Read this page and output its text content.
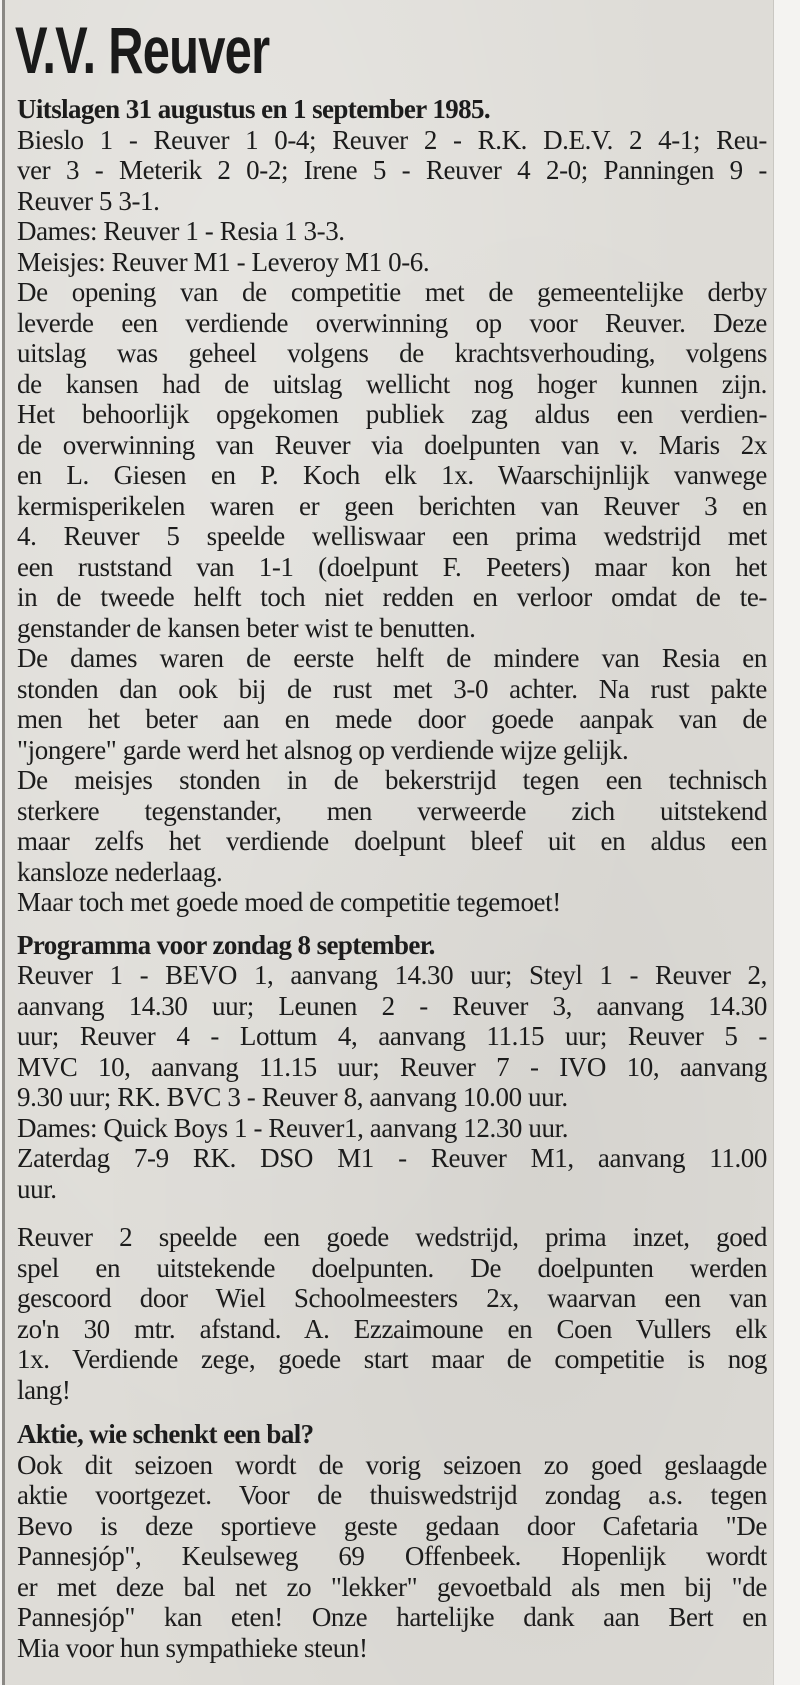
V.V. Reuver
Uitslagen 31 augustus en 1 september 1985.
Bieslo 1 - Reuver 1 0-4; Reuver 2 - R.K. D.E.V. 2 4-1; Reu-
ver 3 - Meterik 2 0-2; Irene 5 - Reuver 4 2-0; Panningen 9 -
Reuver 5 3-1.
Dames: Reuver 1 - Resia 1 3-3.
Meisjes: Reuver M1 - Leveroy M1 0-6.
De opening van de competitie met de gemeentelijke derby
leverde een verdiende overwinning op voor Reuver. Deze
uitslag was geheel volgens de krachtsverhouding, volgens
de kansen had de uitslag wellicht nog hoger kunnen zijn.
Het behoorlijk opgekomen publiek zag aldus een verdien-
de overwinning van Reuver via doelpunten van v. Maris 2x
en L. Giesen en P. Koch elk 1x. Waarschijnlijk vanwege
kermisperikelen waren er geen berichten van Reuver 3 en
4. Reuver 5 speelde welliswaar een prima wedstrijd met
een ruststand van 1-1 (doelpunt F. Peeters) maar kon het
in de tweede helft toch niet redden en verloor omdat de te-
genstander de kansen beter wist te benutten.
De dames waren de eerste helft de mindere van Resia en
stonden dan ook bij de rust met 3-0 achter. Na rust pakte
men het beter aan en mede door goede aanpak van de
"jongere" garde werd het alsnog op verdiende wijze gelijk.
De meisjes stonden in de bekerstrijd tegen een technisch
sterkere tegenstander, men verweerde zich uitstekend
maar zelfs het verdiende doelpunt bleef uit en aldus een
kansloze nederlaag.
Maar toch met goede moed de competitie tegemoet!
Programma voor zondag 8 september.
Reuver 1 - BEVO 1, aanvang 14.30 uur; Steyl 1 - Reuver 2,
aanvang 14.30 uur; Leunen 2 - Reuver 3, aanvang 14.30
uur; Reuver 4 - Lottum 4, aanvang 11.15 uur; Reuver 5 -
MVC 10, aanvang 11.15 uur; Reuver 7 - IVO 10, aanvang
9.30 uur; RK. BVC 3 - Reuver 8, aanvang 10.00 uur.
Dames: Quick Boys 1 - Reuver1, aanvang 12.30 uur.
Zaterdag 7-9 RK. DSO M1 - Reuver M1, aanvang 11.00
uur.
Reuver 2 speelde een goede wedstrijd, prima inzet, goed
spel en uitstekende doelpunten. De doelpunten werden
gescoord door Wiel Schoolmeesters 2x, waarvan een van
zo'n 30 mtr. afstand. A. Ezzaimoune en Coen Vullers elk
1x. Verdiende zege, goede start maar de competitie is nog
lang!
Aktie, wie schenkt een bal?
Ook dit seizoen wordt de vorig seizoen zo goed geslaagde
aktie voortgezet. Voor de thuiswedstrijd zondag a.s. tegen
Bevo is deze sportieve geste gedaan door Cafetaria "De
Pannesjóp", Keulseweg 69 Offenbeek. Hopenlijk wordt
er met deze bal net zo "lekker" gevoetbald als men bij "de
Pannesjóp" kan eten! Onze hartelijke dank aan Bert en
Mia voor hun sympathieke steun!
